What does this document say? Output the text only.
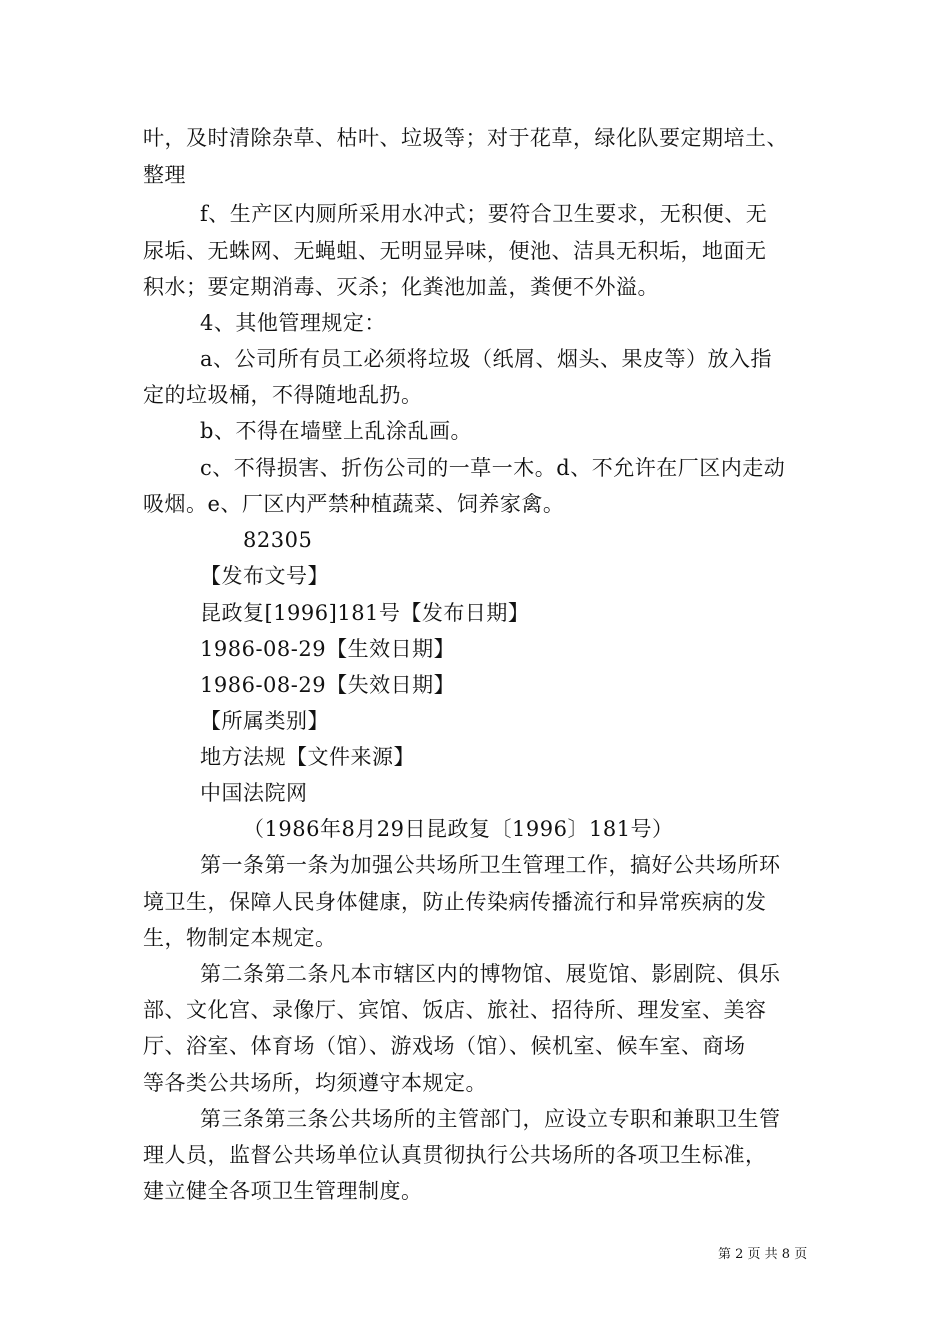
叶，及时清除杂草、枯叶、垃圾等；对于花草，绿化队要定期培土、
整理
f、生产区内厕所采用水冲式；要符合卫生要求，无积便、无
尿垢、无蛛网、无蝇蛆、无明显异味，便池、洁具无积垢，地面无
积水；要定期消毒、灭杀；化粪池加盖，粪便不外溢。
4、其他管理规定：
a、公司所有员工必须将垃圾（纸屑、烟头、果皮等）放入指
定的垃圾桶，不得随地乱扔。
b、不得在墙壁上乱涂乱画。
c、不得损害、折伤公司的一草一木。d、不允许在厂区内走动
吸烟。e、厂区内严禁种植蔬菜、饲养家禽。
82305
【发布文号】
昆政复[1996]181号【发布日期】
1986-08-29【生效日期】
1986-08-29【失效日期】
【所属类别】
地方法规【文件来源】
中国法院网
（1986年8月29日昆政复〔1996〕181号）
第一条第一条为加强公共场所卫生管理工作，搞好公共场所环
境卫生，保障人民身体健康，防止传染病传播流行和异常疾病的发
生，物制定本规定。
第二条第二条凡本市辖区内的博物馆、展览馆、影剧院、俱乐
部、文化宫、录像厅、宾馆、饭店、旅社、招待所、理发室、美容
厅、浴室、体育场（馆）、游戏场（馆）、候机室、候车室、商场
等各类公共场所，均须遵守本规定。
第三条第三条公共场所的主管部门，应设立专职和兼职卫生管
理人员，监督公共场单位认真贯彻执行公共场所的各项卫生标准，
建立健全各项卫生管理制度。
第 2 页 共 8 页
